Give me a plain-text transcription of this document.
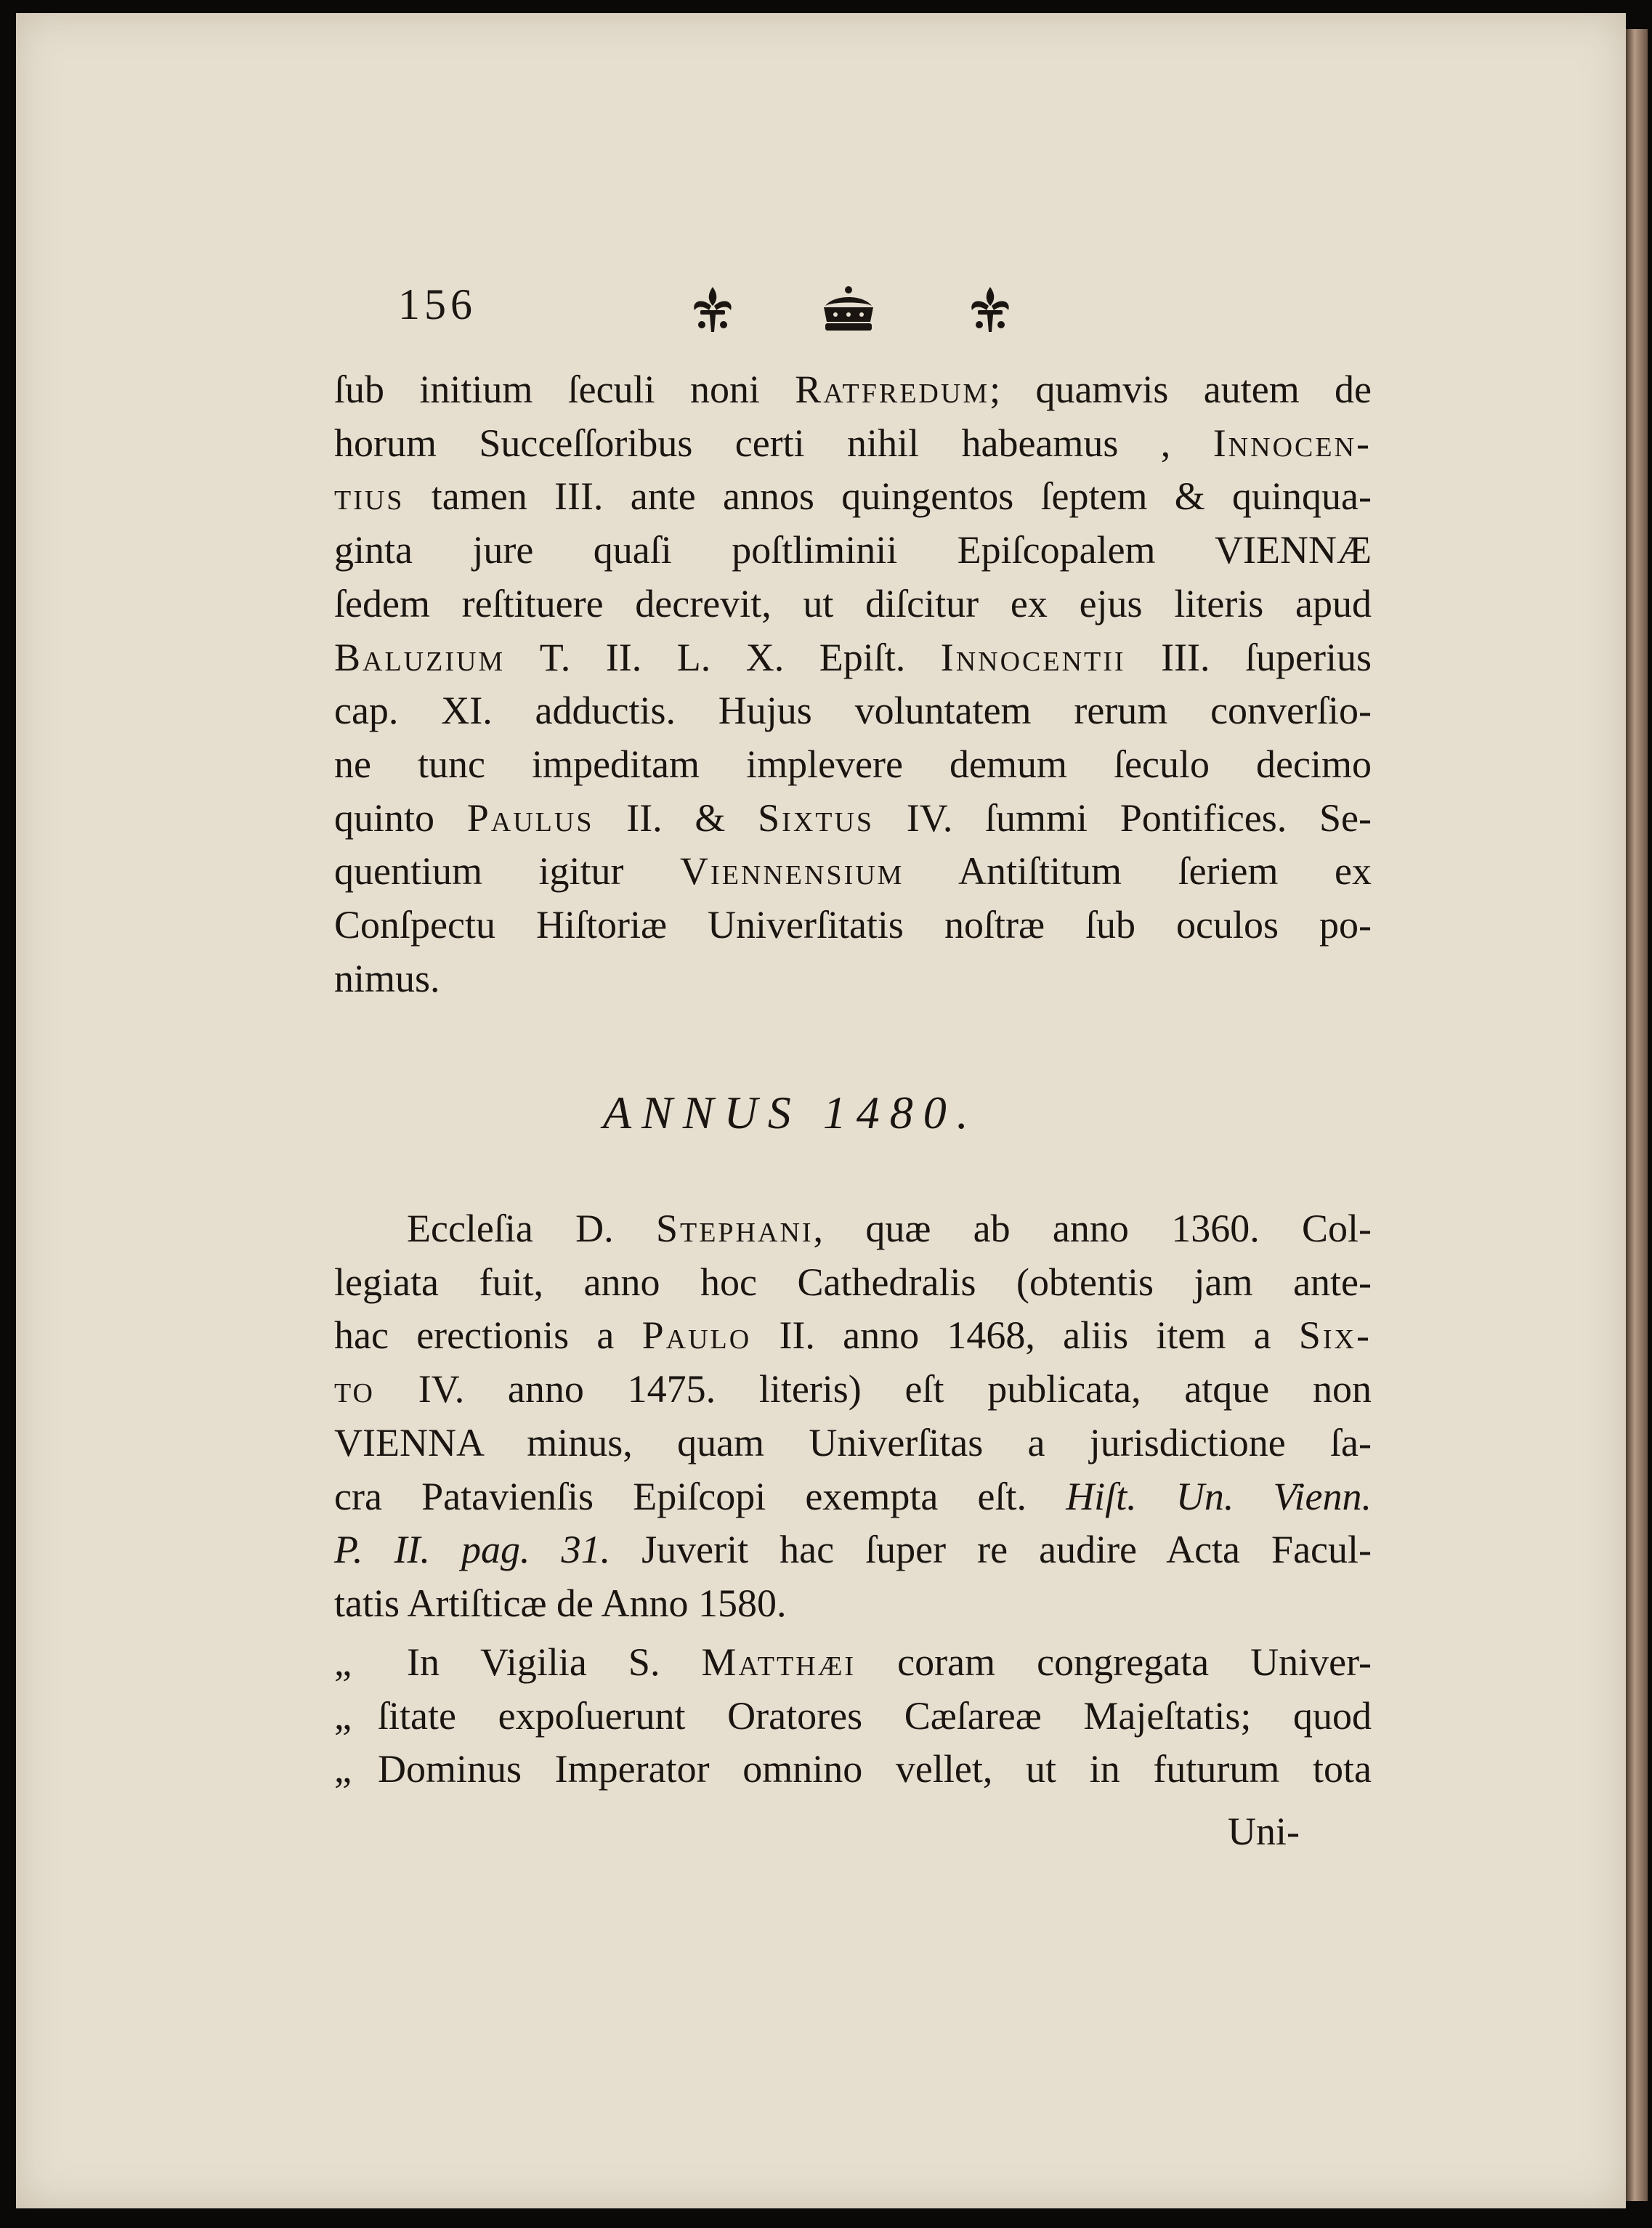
156
ſub initium ſeculi noni Ratfredum; quamvis autem de
horum Succeſſoribus certi nihil habeamus , Innocen-
tius tamen III. ante annos quingentos ſeptem & quinqua-
ginta jure quaſi poſtliminii Epiſcopalem VIENNÆ
ſedem reſtituere decrevit, ut diſcitur ex ejus literis apud
Baluzium T. II. L. X. Epiſt. Innocentii III. ſuperius
cap. XI. adductis. Hujus voluntatem rerum converſio-
ne tunc impeditam implevere demum ſeculo decimo
quinto Paulus II. & Sixtus IV. ſummi Pontifices. Se-
quentium igitur Viennensium Antiſtitum ſeriem ex
Conſpectu Hiſtoriæ Univerſitatis noſtræ ſub oculos po-
nimus.
ANNUS 1480.
Eccleſia D. Stephani, quæ ab anno 1360. Col-
legiata fuit, anno hoc Cathedralis (obtentis jam ante-
hac erectionis a Paulo II. anno 1468, aliis item a Six-
to IV. anno 1475. literis) eſt publicata, atque non
VIENNA minus, quam Univerſitas a jurisdictione ſa-
cra Patavienſis Epiſcopi exempta eſt. Hiſt. Un. Vienn.
P. II. pag. 31. Juverit hac ſuper re audire Acta Facul-
tatis Artiſticæ de Anno 1580.
„ In Vigilia S. Matthæi coram congregata Univer-
„ ſitate expoſuerunt Oratores Cæſareæ Majeſtatis; quod
„ Dominus Imperator omnino vellet, ut in futurum tota
Uni-
